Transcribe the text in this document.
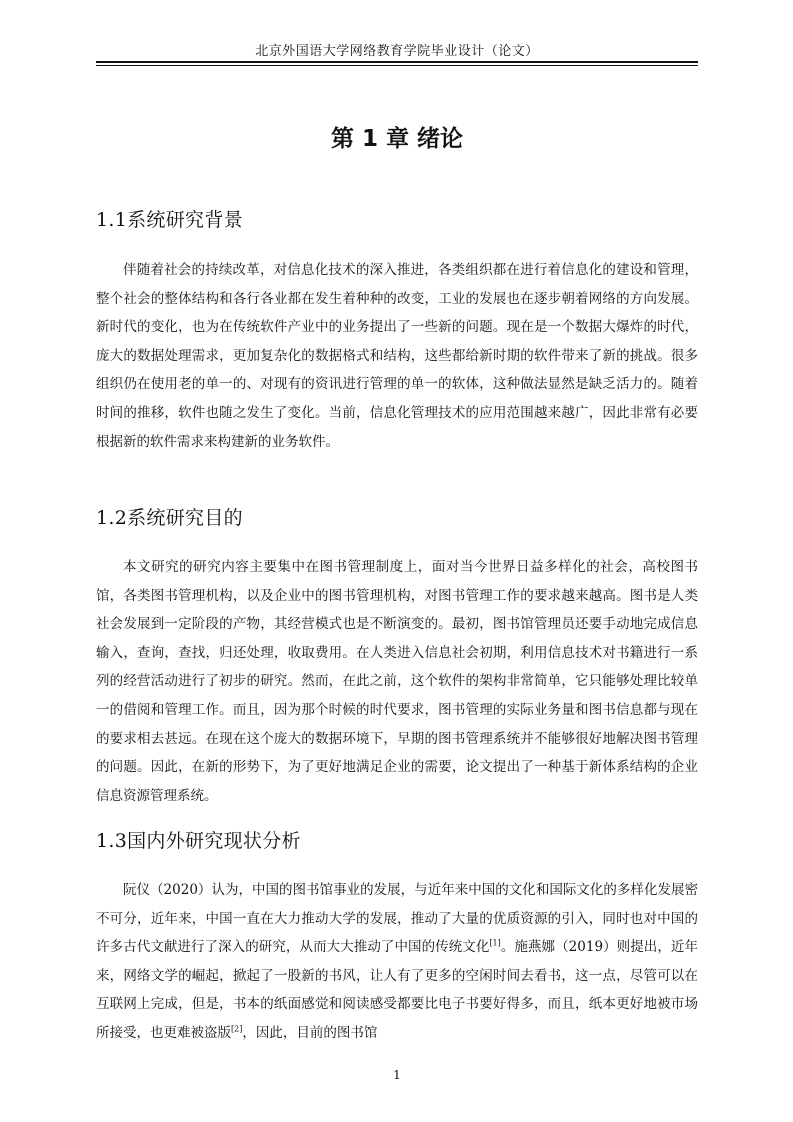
北京外国语大学网络教育学院毕业设计（论文）
第 1 章 绪论
1.1系统研究背景

伴随着社会的持续改革，对信息化技术的深入推进，各类组织都在进行着信息化的建设和管理，整个社会的整体结构和各行各业都在发生着种种的改变，工业的发展也在逐步朝着网络的方向发展。新时代的变化，也为在传统软件产业中的业务提出了一些新的问题。现在是一个数据大爆炸的时代，庞大的数据处理需求，更加复杂化的数据格式和结构，这些都给新时期的软件带来了新的挑战。很多组织仍在使用老的单一的、对现有的资讯进行管理的单一的软体，这种做法显然是缺乏活力的。随着时间的推移，软件也随之发生了变化。当前，信息化管理技术的应用范围越来越广，因此非常有必要根据新的软件需求来构建新的业务软件。

1.2系统研究目的

本文研究的研究内容主要集中在图书管理制度上，面对当今世界日益多样化的社会，高校图书馆，各类图书管理机构，以及企业中的图书管理机构，对图书管理工作的要求越来越高。图书是人类社会发展到一定阶段的产物，其经营模式也是不断演变的。最初，图书馆管理员还要手动地完成信息输入，查询，查找，归还处理，收取费用。在人类进入信息社会初期，利用信息技术对书籍进行一系列的经营活动进行了初步的研究。然而，在此之前，这个软件的架构非常简单，它只能够处理比较单一的借阅和管理工作。而且，因为那个时候的时代要求，图书管理的实际业务量和图书信息都与现在的要求相去甚远。在现在这个庞大的数据环境下，早期的图书管理系统并不能够很好地解决图书管理的问题。因此，在新的形势下，为了更好地满足企业的需要，论文提出了一种基于新体系结构的企业信息资源管理系统。

1.3国内外研究现状分析

阮仪（2020）认为，中国的图书馆事业的发展，与近年来中国的文化和国际文化的多样化发展密不可分，近年来，中国一直在大力推动大学的发展，推动了大量的优质资源的引入，同时也对中国的许多古代文献进行了深入的研究，从而大大推动了中国的传统文化[1]。施燕娜（2019）则提出，近年来，网络文学的崛起，掀起了一股新的书风，让人有了更多的空闲时间去看书，这一点，尽管可以在互联网上完成，但是，书本的纸面感觉和阅读感受都要比电子书要好得多，而且，纸本更好地被市场所接受，也更难被盗版[2]，因此，目前的图书馆

1
